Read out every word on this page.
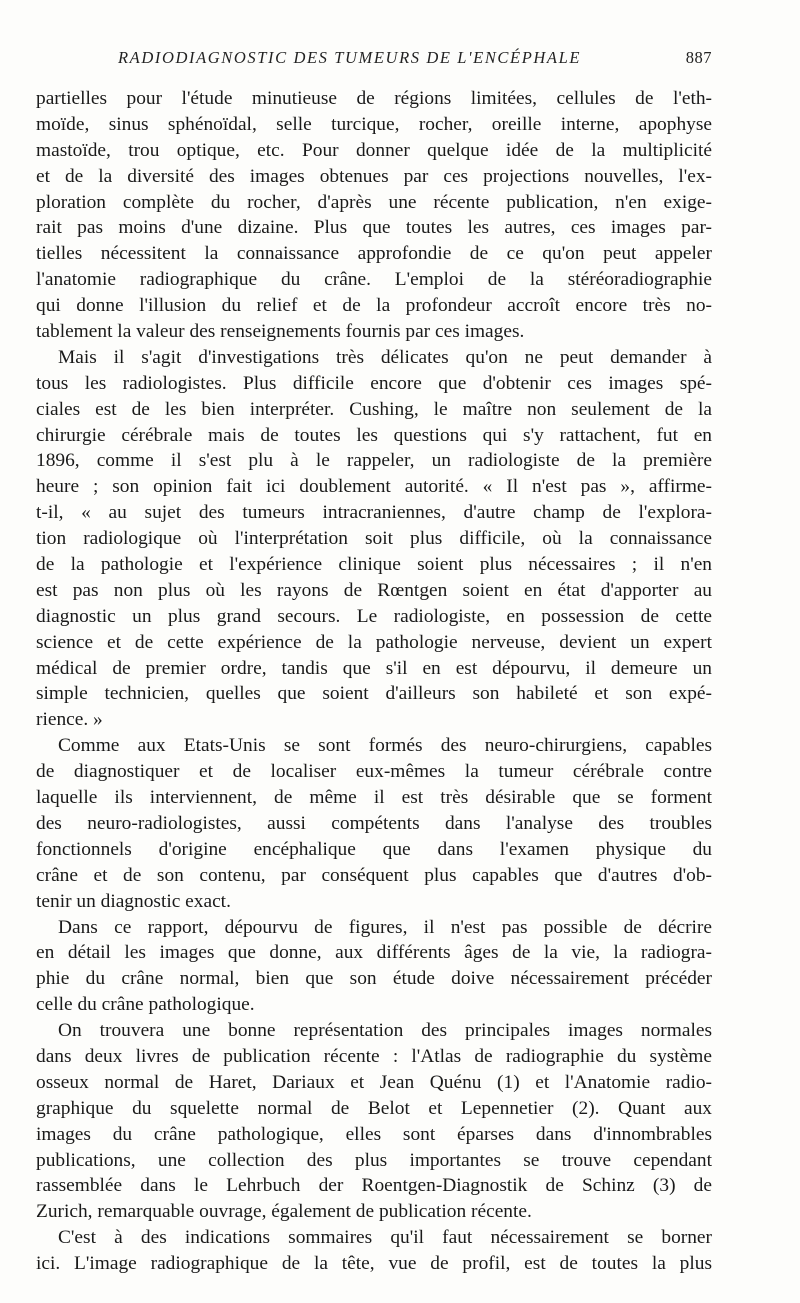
RADIODIAGNOSTIC DES TUMEURS DE L'ENCÉPHALE	887
partielles pour l'étude minutieuse de régions limitées, cellules de l'eth-
moïde, sinus sphénoïdal, selle turcique, rocher, oreille interne, apophyse
mastoïde, trou optique, etc. Pour donner quelque idée de la multiplicité
et de la diversité des images obtenues par ces projections nouvelles, l'ex-
ploration complète du rocher, d'après une récente publication, n'en exige-
rait pas moins d'une dizaine. Plus que toutes les autres, ces images par-
tielles nécessitent la connaissance approfondie de ce qu'on peut appeler
l'anatomie radiographique du crâne. L'emploi de la stéréoradiographie
qui donne l'illusion du relief et de la profondeur accroît encore très no-
tablement la valeur des renseignements fournis par ces images.
Mais il s'agit d'investigations très délicates qu'on ne peut demander à
tous les radiologistes. Plus difficile encore que d'obtenir ces images spé-
ciales est de les bien interpréter. Cushing, le maître non seulement de la
chirurgie cérébrale mais de toutes les questions qui s'y rattachent, fut en
1896, comme il s'est plu à le rappeler, un radiologiste de la première
heure ; son opinion fait ici doublement autorité. « Il n'est pas », affirme-
t-il, « au sujet des tumeurs intracraniennes, d'autre champ de l'explora-
tion radiologique où l'interprétation soit plus difficile, où la connaissance
de la pathologie et l'expérience clinique soient plus nécessaires ; il n'en
est pas non plus où les rayons de Rœntgen soient en état d'apporter au
diagnostic un plus grand secours. Le radiologiste, en possession de cette
science et de cette expérience de la pathologie nerveuse, devient un expert
médical de premier ordre, tandis que s'il en est dépourvu, il demeure un
simple technicien, quelles que soient d'ailleurs son habileté et son expé-
rience. »
Comme aux Etats-Unis se sont formés des neuro-chirurgiens, capables
de diagnostiquer et de localiser eux-mêmes la tumeur cérébrale contre
laquelle ils interviennent, de même il est très désirable que se forment
des neuro-radiologistes, aussi compétents dans l'analyse des troubles
fonctionnels d'origine encéphalique que dans l'examen physique du
crâne et de son contenu, par conséquent plus capables que d'autres d'ob-
tenir un diagnostic exact.
Dans ce rapport, dépourvu de figures, il n'est pas possible de décrire
en détail les images que donne, aux différents âges de la vie, la radiogra-
phie du crâne normal, bien que son étude doive nécessairement précéder
celle du crâne pathologique.
On trouvera une bonne représentation des principales images normales
dans deux livres de publication récente : l'Atlas de radiographie du système
osseux normal de Haret, Dariaux et Jean Quénu (1) et l'Anatomie radio-
graphique du squelette normal de Belot et Lepennetier (2). Quant aux
images du crâne pathologique, elles sont éparses dans d'innombrables
publications, une collection des plus importantes se trouve cependant
rassemblée dans le Lehrbuch der Roentgen-Diagnostik de Schinz (3) de
Zurich, remarquable ouvrage, également de publication récente.
C'est à des indications sommaires qu'il faut nécessairement se borner
ici. L'image radiographique de la tête, vue de profil, est de toutes la plus
